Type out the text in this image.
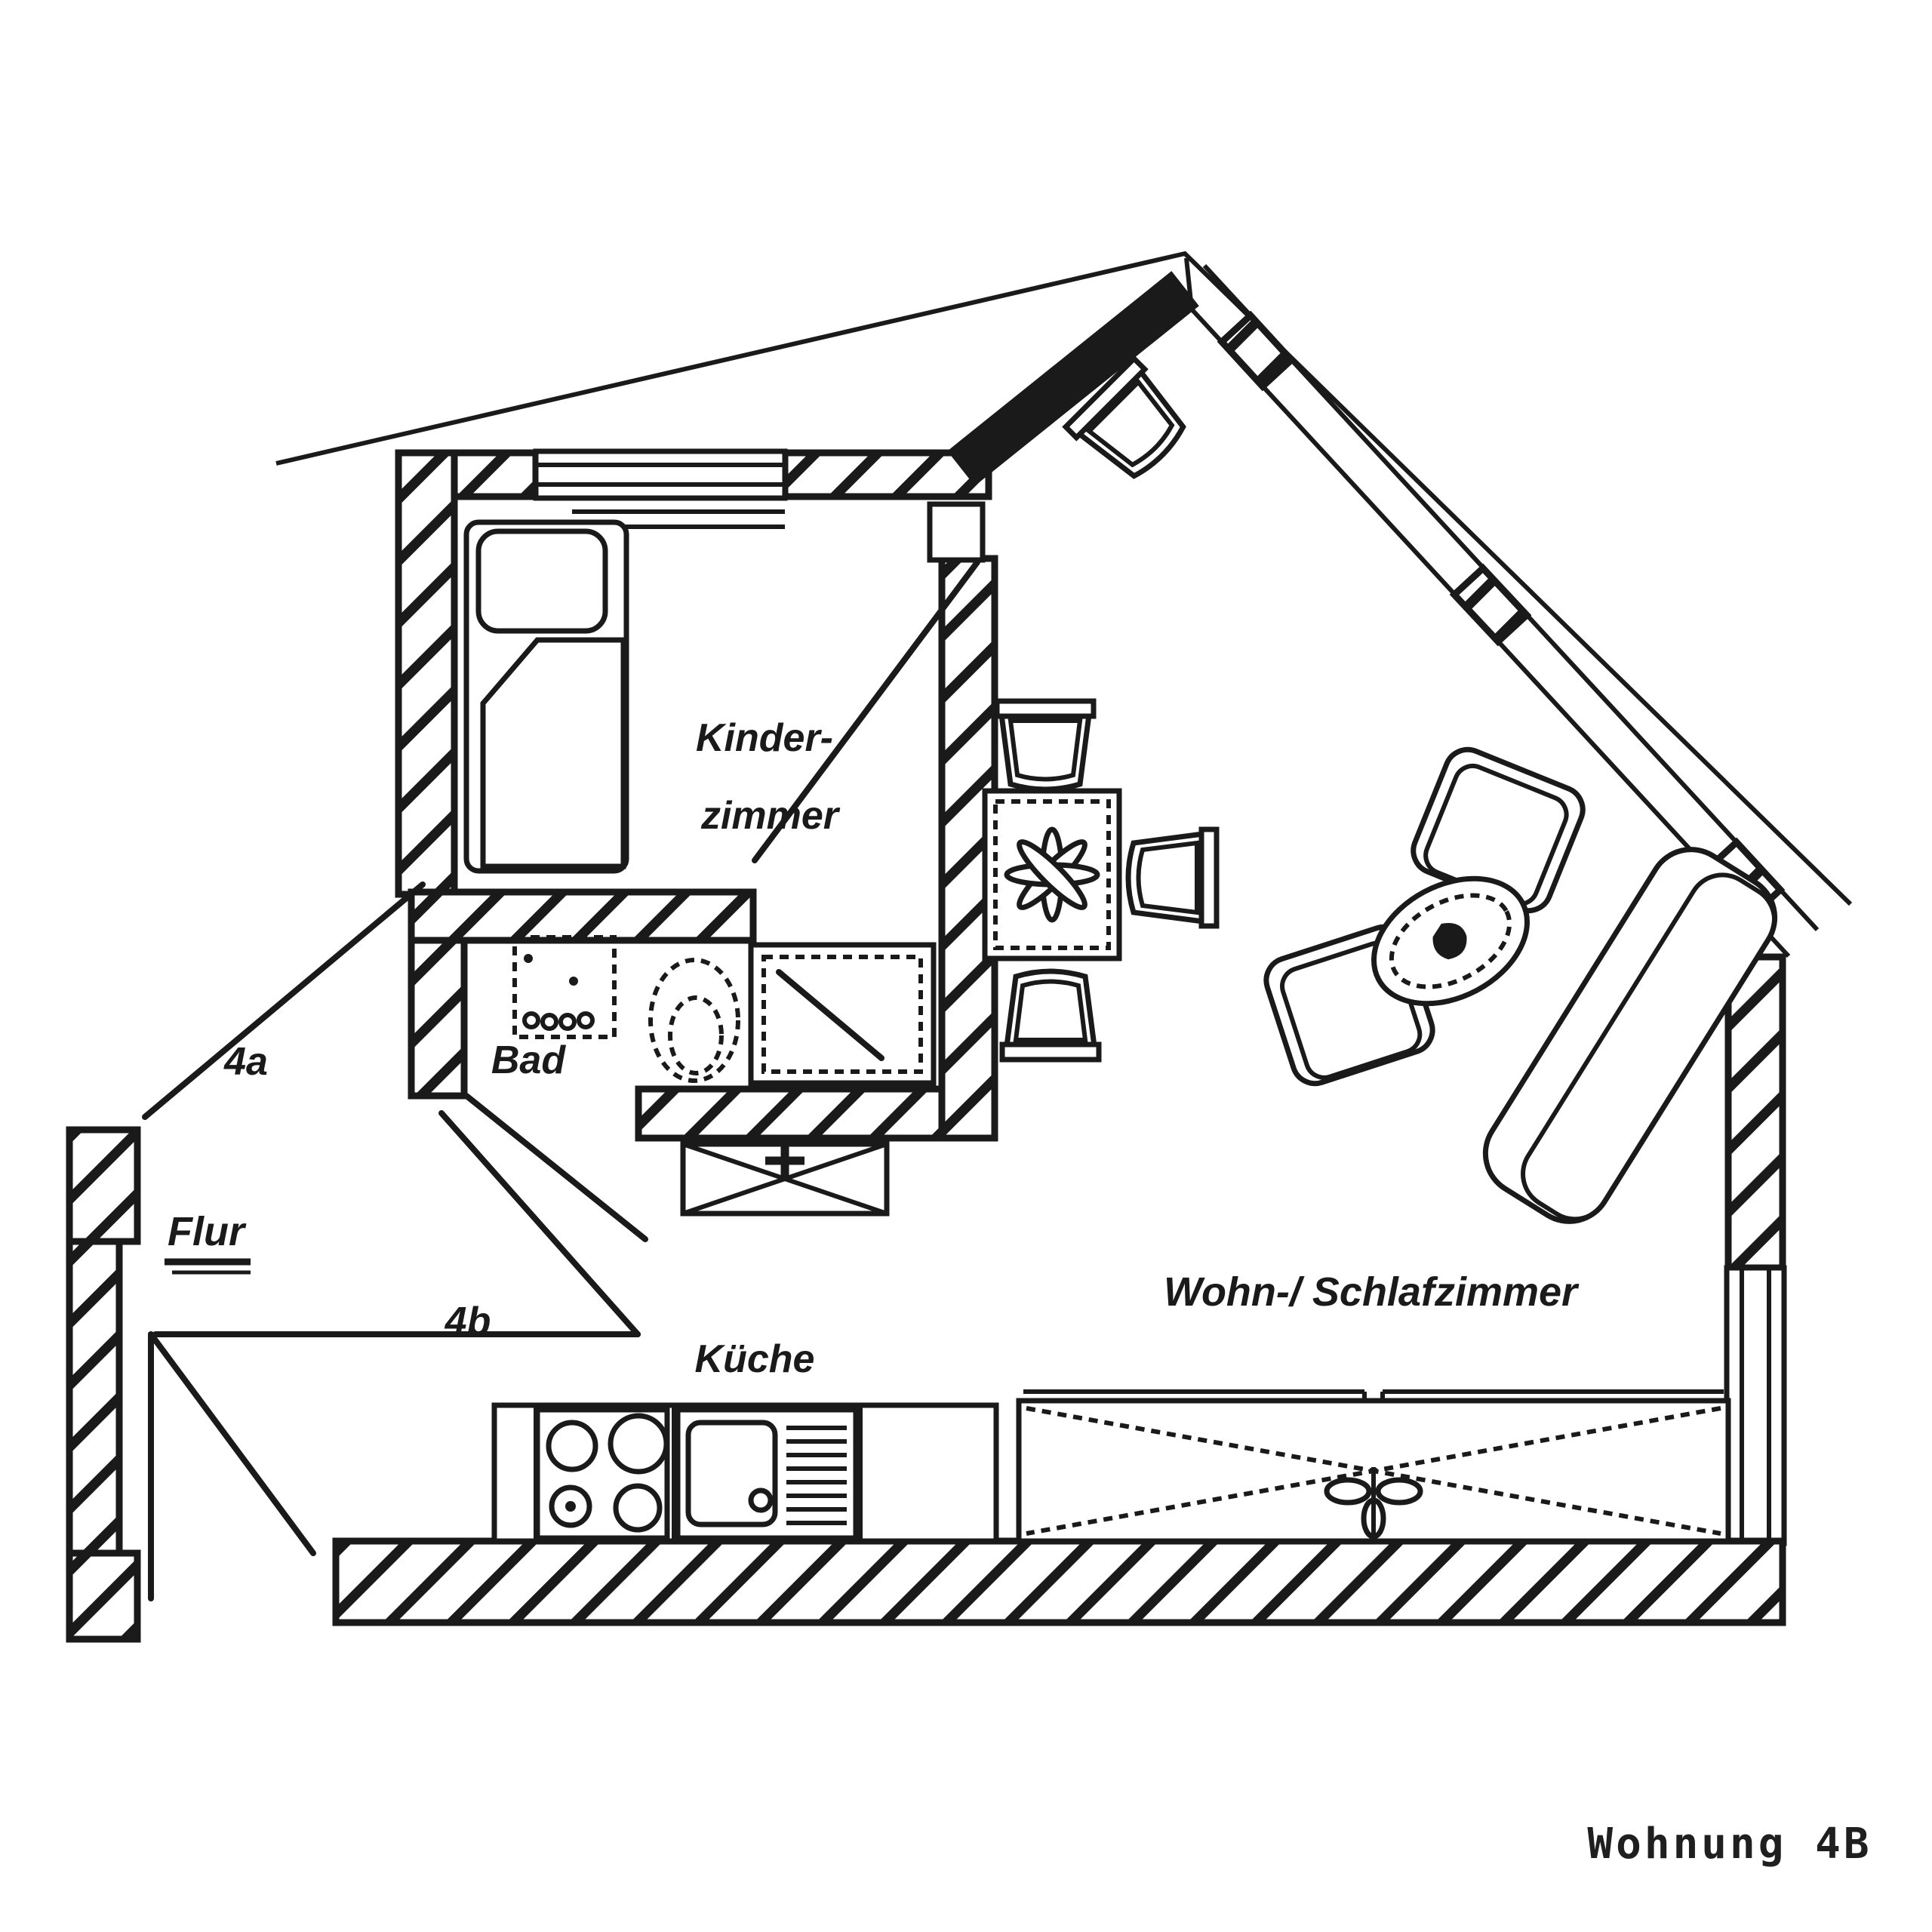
Kinder-
zimmer
Bad
Flur
4a
4b
Küche
Wohn-/ Schlafzimmer
Wohnung 4B
